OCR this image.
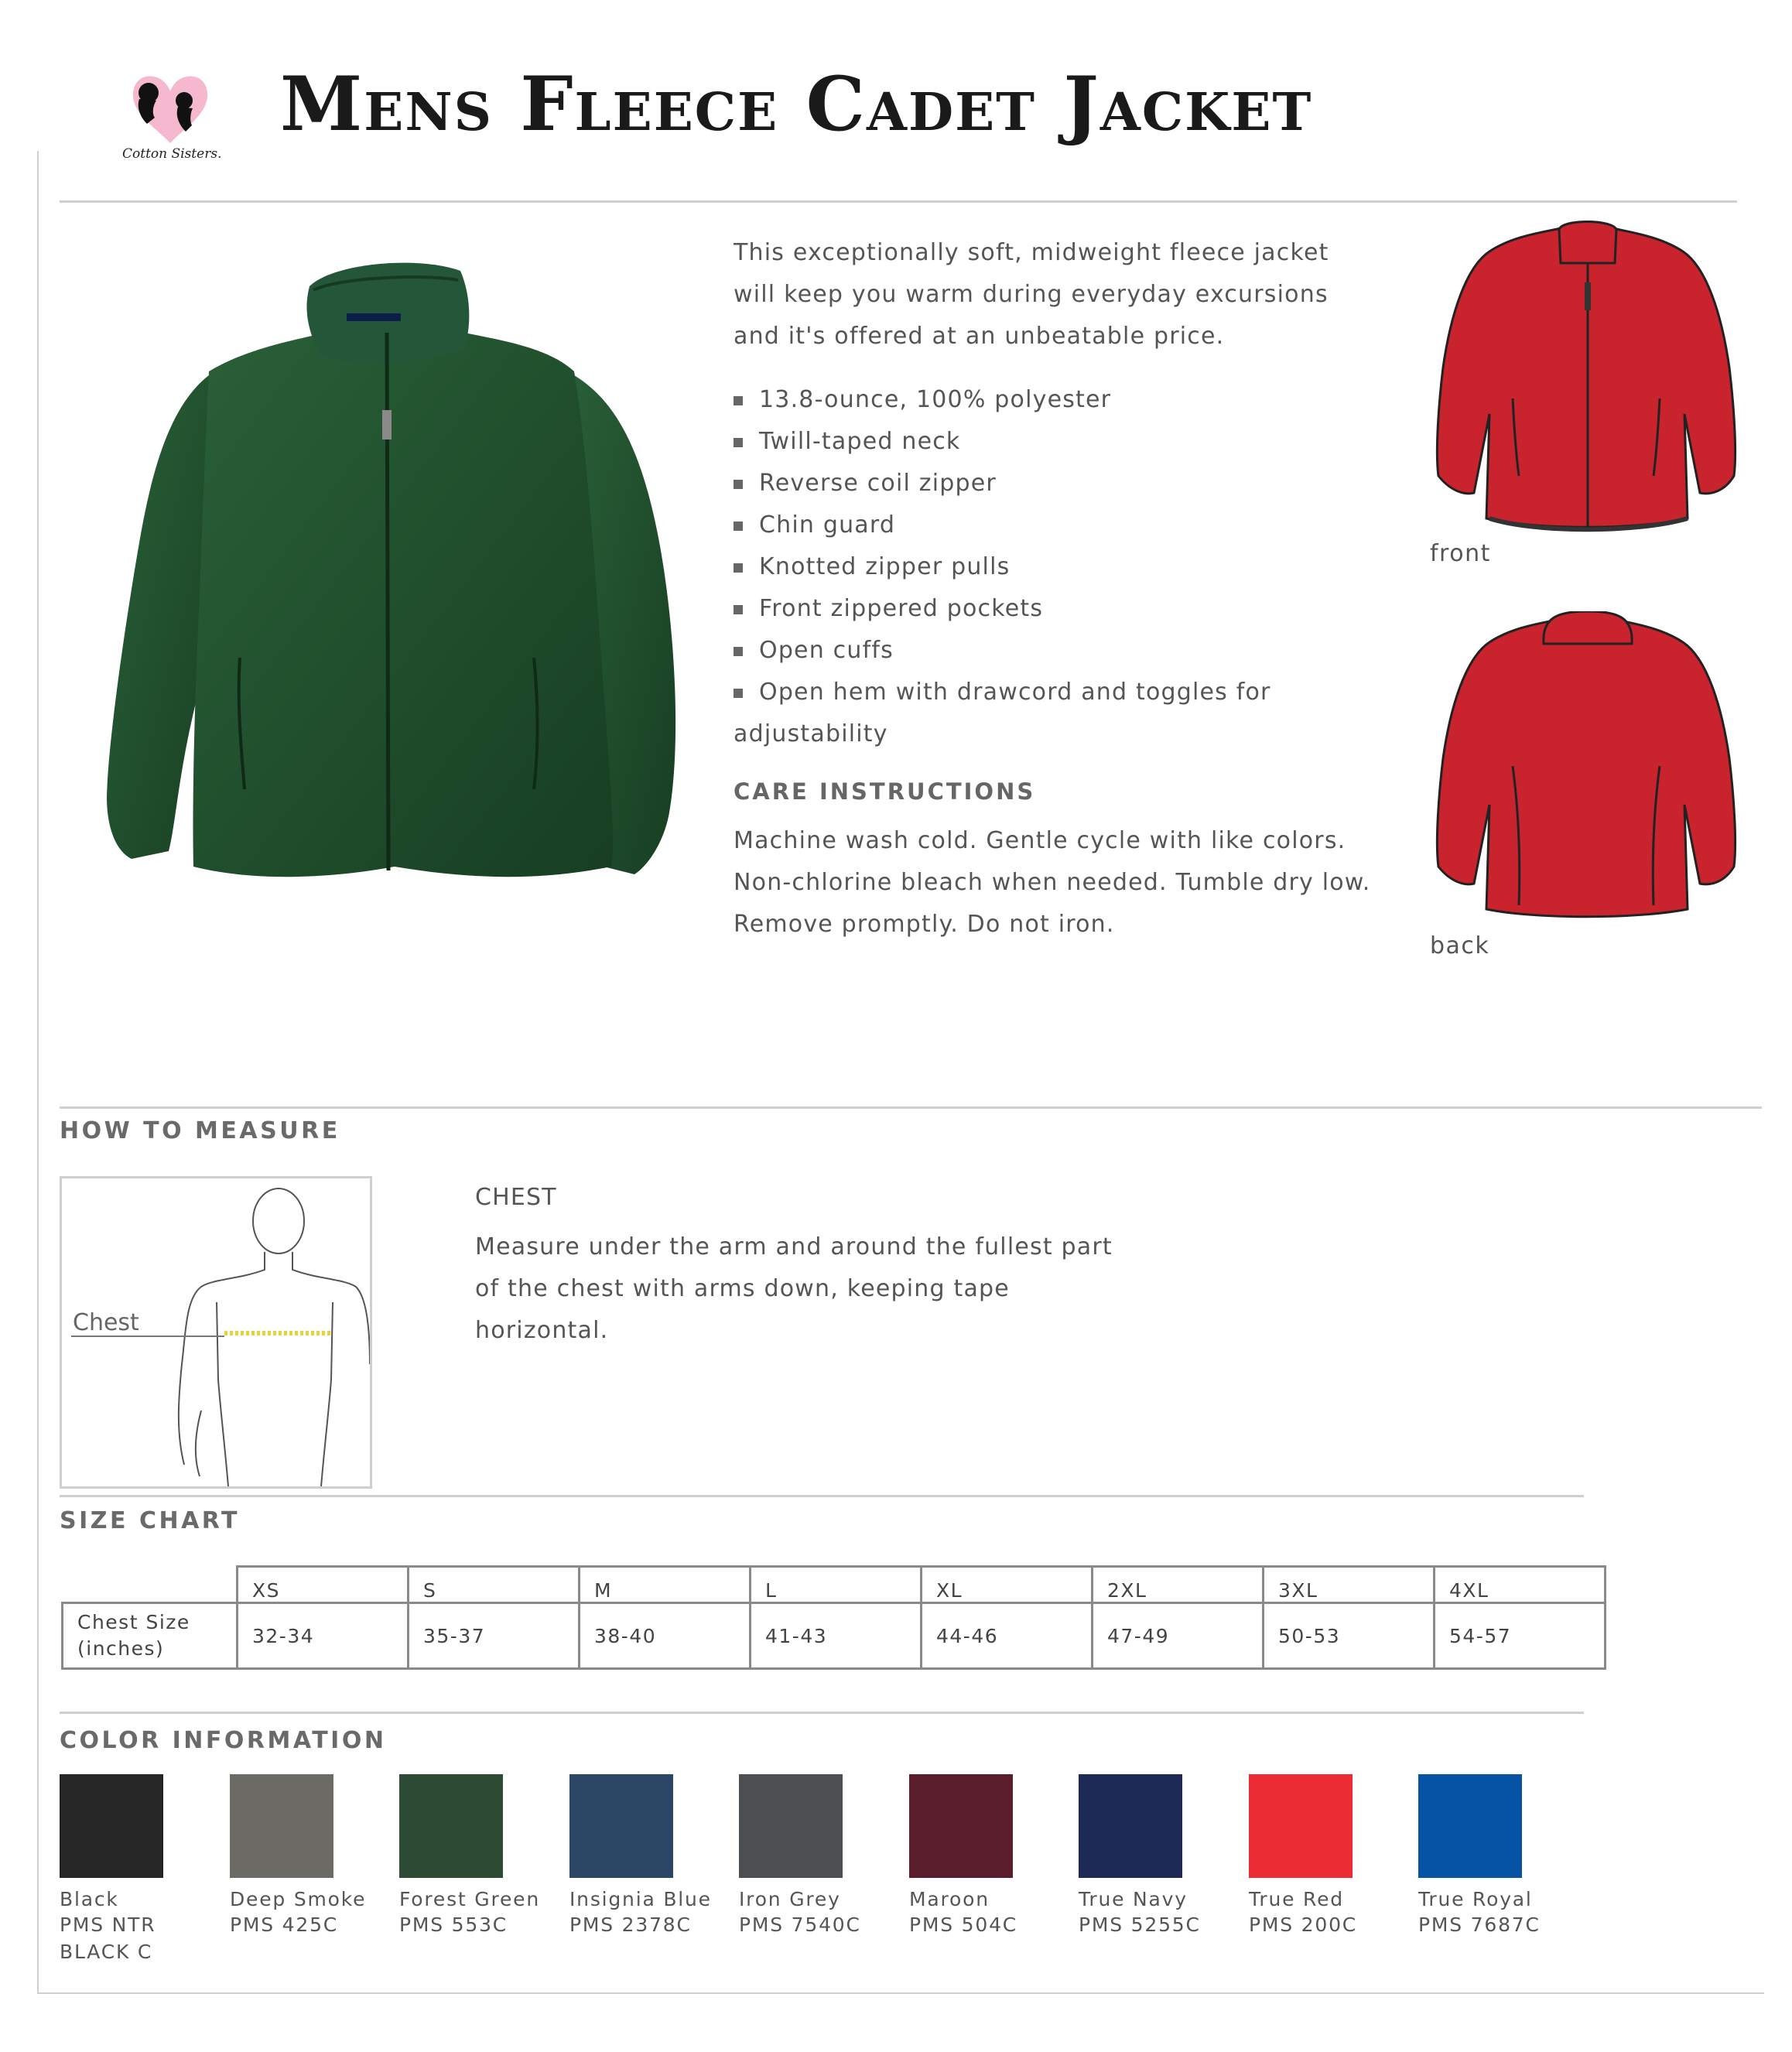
Cotton Sisters.
Mens Fleece Cadet Jacket
This exceptionally soft, midweight fleece jacket will keep you warm during everyday excursions and it's offered at an unbeatable price.
13.8-ounce, 100% polyester
Twill-taped neck
Reverse coil zipper
Chin guard
Knotted zipper pulls
Front zippered pockets
Open cuffs
Open hem with drawcord and toggles for adjustability
CARE INSTRUCTIONS
Machine wash cold. Gentle cycle with like colors. Non-chlorine bleach when needed. Tumble dry low. Remove promptly. Do not iron.
front
back
HOW TO MEASURE
Chest
CHEST
Measure under the arm and around the fullest part of the chest with arms down, keeping tape horizontal.
SIZE CHART
	XS	S	M	L	XL	2XL	3XL	4XL
Chest Size (inches)	32-34	35-37	38-40	41-43	44-46	47-49	50-53	54-57
COLOR INFORMATION
Black
PMS NTR BLACK C
Deep Smoke
PMS 425C
Forest Green
PMS 553C
Insignia Blue
PMS 2378C
Iron Grey
PMS 7540C
Maroon
PMS 504C
True Navy
PMS 5255C
True Red
PMS 200C
True Royal
PMS 7687C
